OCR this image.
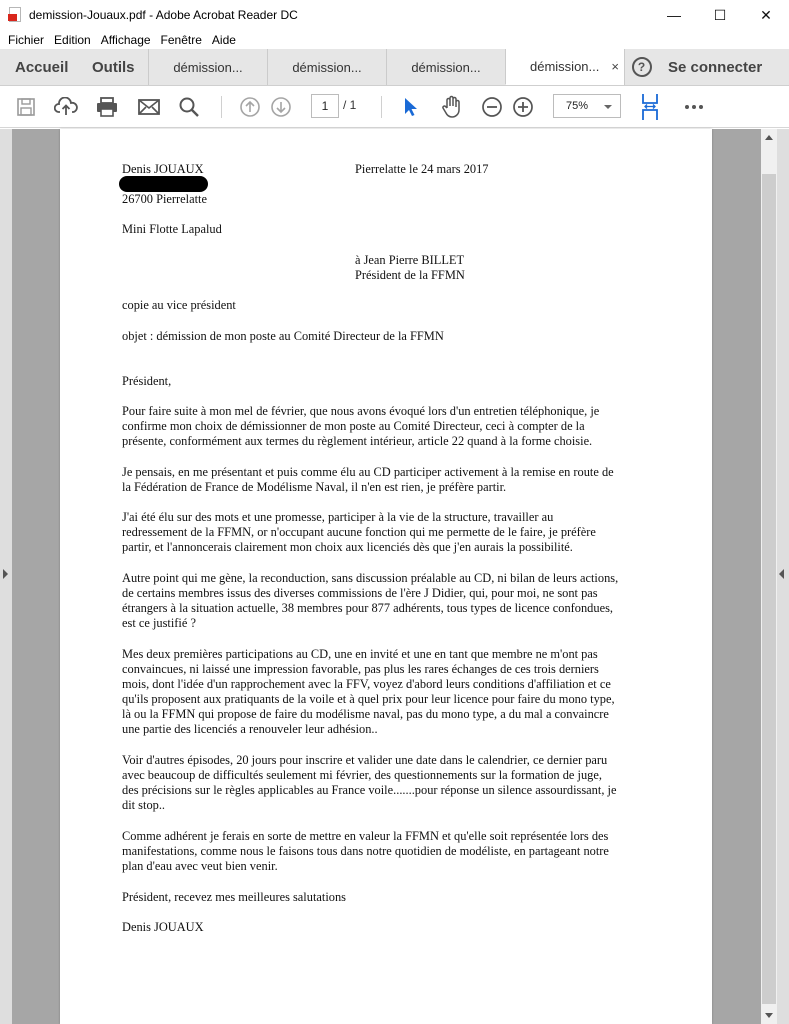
demission-Jouaux.pdf - Adobe Acrobat Reader DC	—	☐	✕
Fichier Edition Affichage Fenêtre Aide
Accueil	Outils	démission...	démission...	démission...	démission... ×	?	Se connecter
1	/ 1	75%
Denis JOUAUX	Pierrelatte le 24 mars 2017
26700 Pierrelatte
Mini Flotte Lapalud
à Jean Pierre BILLET
Président de la FFMN
copie au vice président
objet : démission de mon poste au Comité Directeur de la FFMN
Président,
Pour faire suite à mon mel de février, que nous avons évoqué lors d'un entretien téléphonique, je
confirme mon choix de démissionner de mon poste au Comité Directeur, ceci à compter de la
présente, conformément aux termes du règlement intérieur, article 22 quand à la forme choisie.
Je pensais, en me présentant et puis comme élu au CD participer activement à la remise en route de
la Fédération de France de Modélisme Naval, il n'en est rien, je préfère partir.
J'ai été élu sur des mots et une promesse, participer à la vie de la structure, travailler au
redressement de la FFMN, or n'occupant aucune fonction qui me permette de le faire, je préfère
partir, et l'annoncerais clairement mon choix aux licenciés dès que j'en aurais la possibilité.
Autre point qui me gène, la reconduction, sans discussion préalable au CD, ni bilan de leurs actions,
de certains membres issus des diverses commissions de l'ère J Didier, qui, pour moi, ne sont pas
étrangers à la situation actuelle, 38 membres pour 877 adhérents, tous types de licence confondues,
est ce justifié ?
Mes deux premières participations au CD, une en invité et une en tant que membre ne m'ont pas
convaincues, ni laissé une impression favorable, pas plus les rares échanges de ces trois derniers
mois, dont l'idée d'un rapprochement avec la FFV, voyez d'abord leurs conditions d'affiliation et ce
qu'ils proposent aux pratiquants de la voile et à quel prix pour leur licence pour faire du mono type,
là ou la FFMN qui propose de faire du modélisme naval, pas du mono type, a du mal a convaincre
une partie des licenciés a renouveler leur adhésion..
Voir d'autres épisodes, 20 jours pour inscrire et valider une date dans le calendrier, ce dernier paru
avec beaucoup de difficultés seulement mi février, des questionnements sur la formation de juge,
des précisions sur le règles applicables au France voile.......pour réponse un silence assourdissant, je
dit stop..
Comme adhérent je ferais en sorte de mettre en valeur la FFMN et qu'elle soit représentée lors des
manifestations, comme nous le faisons tous dans notre quotidien de modéliste, en partageant notre
plan d'eau avec veut bien venir.
Président, recevez mes meilleures salutations
Denis JOUAUX
